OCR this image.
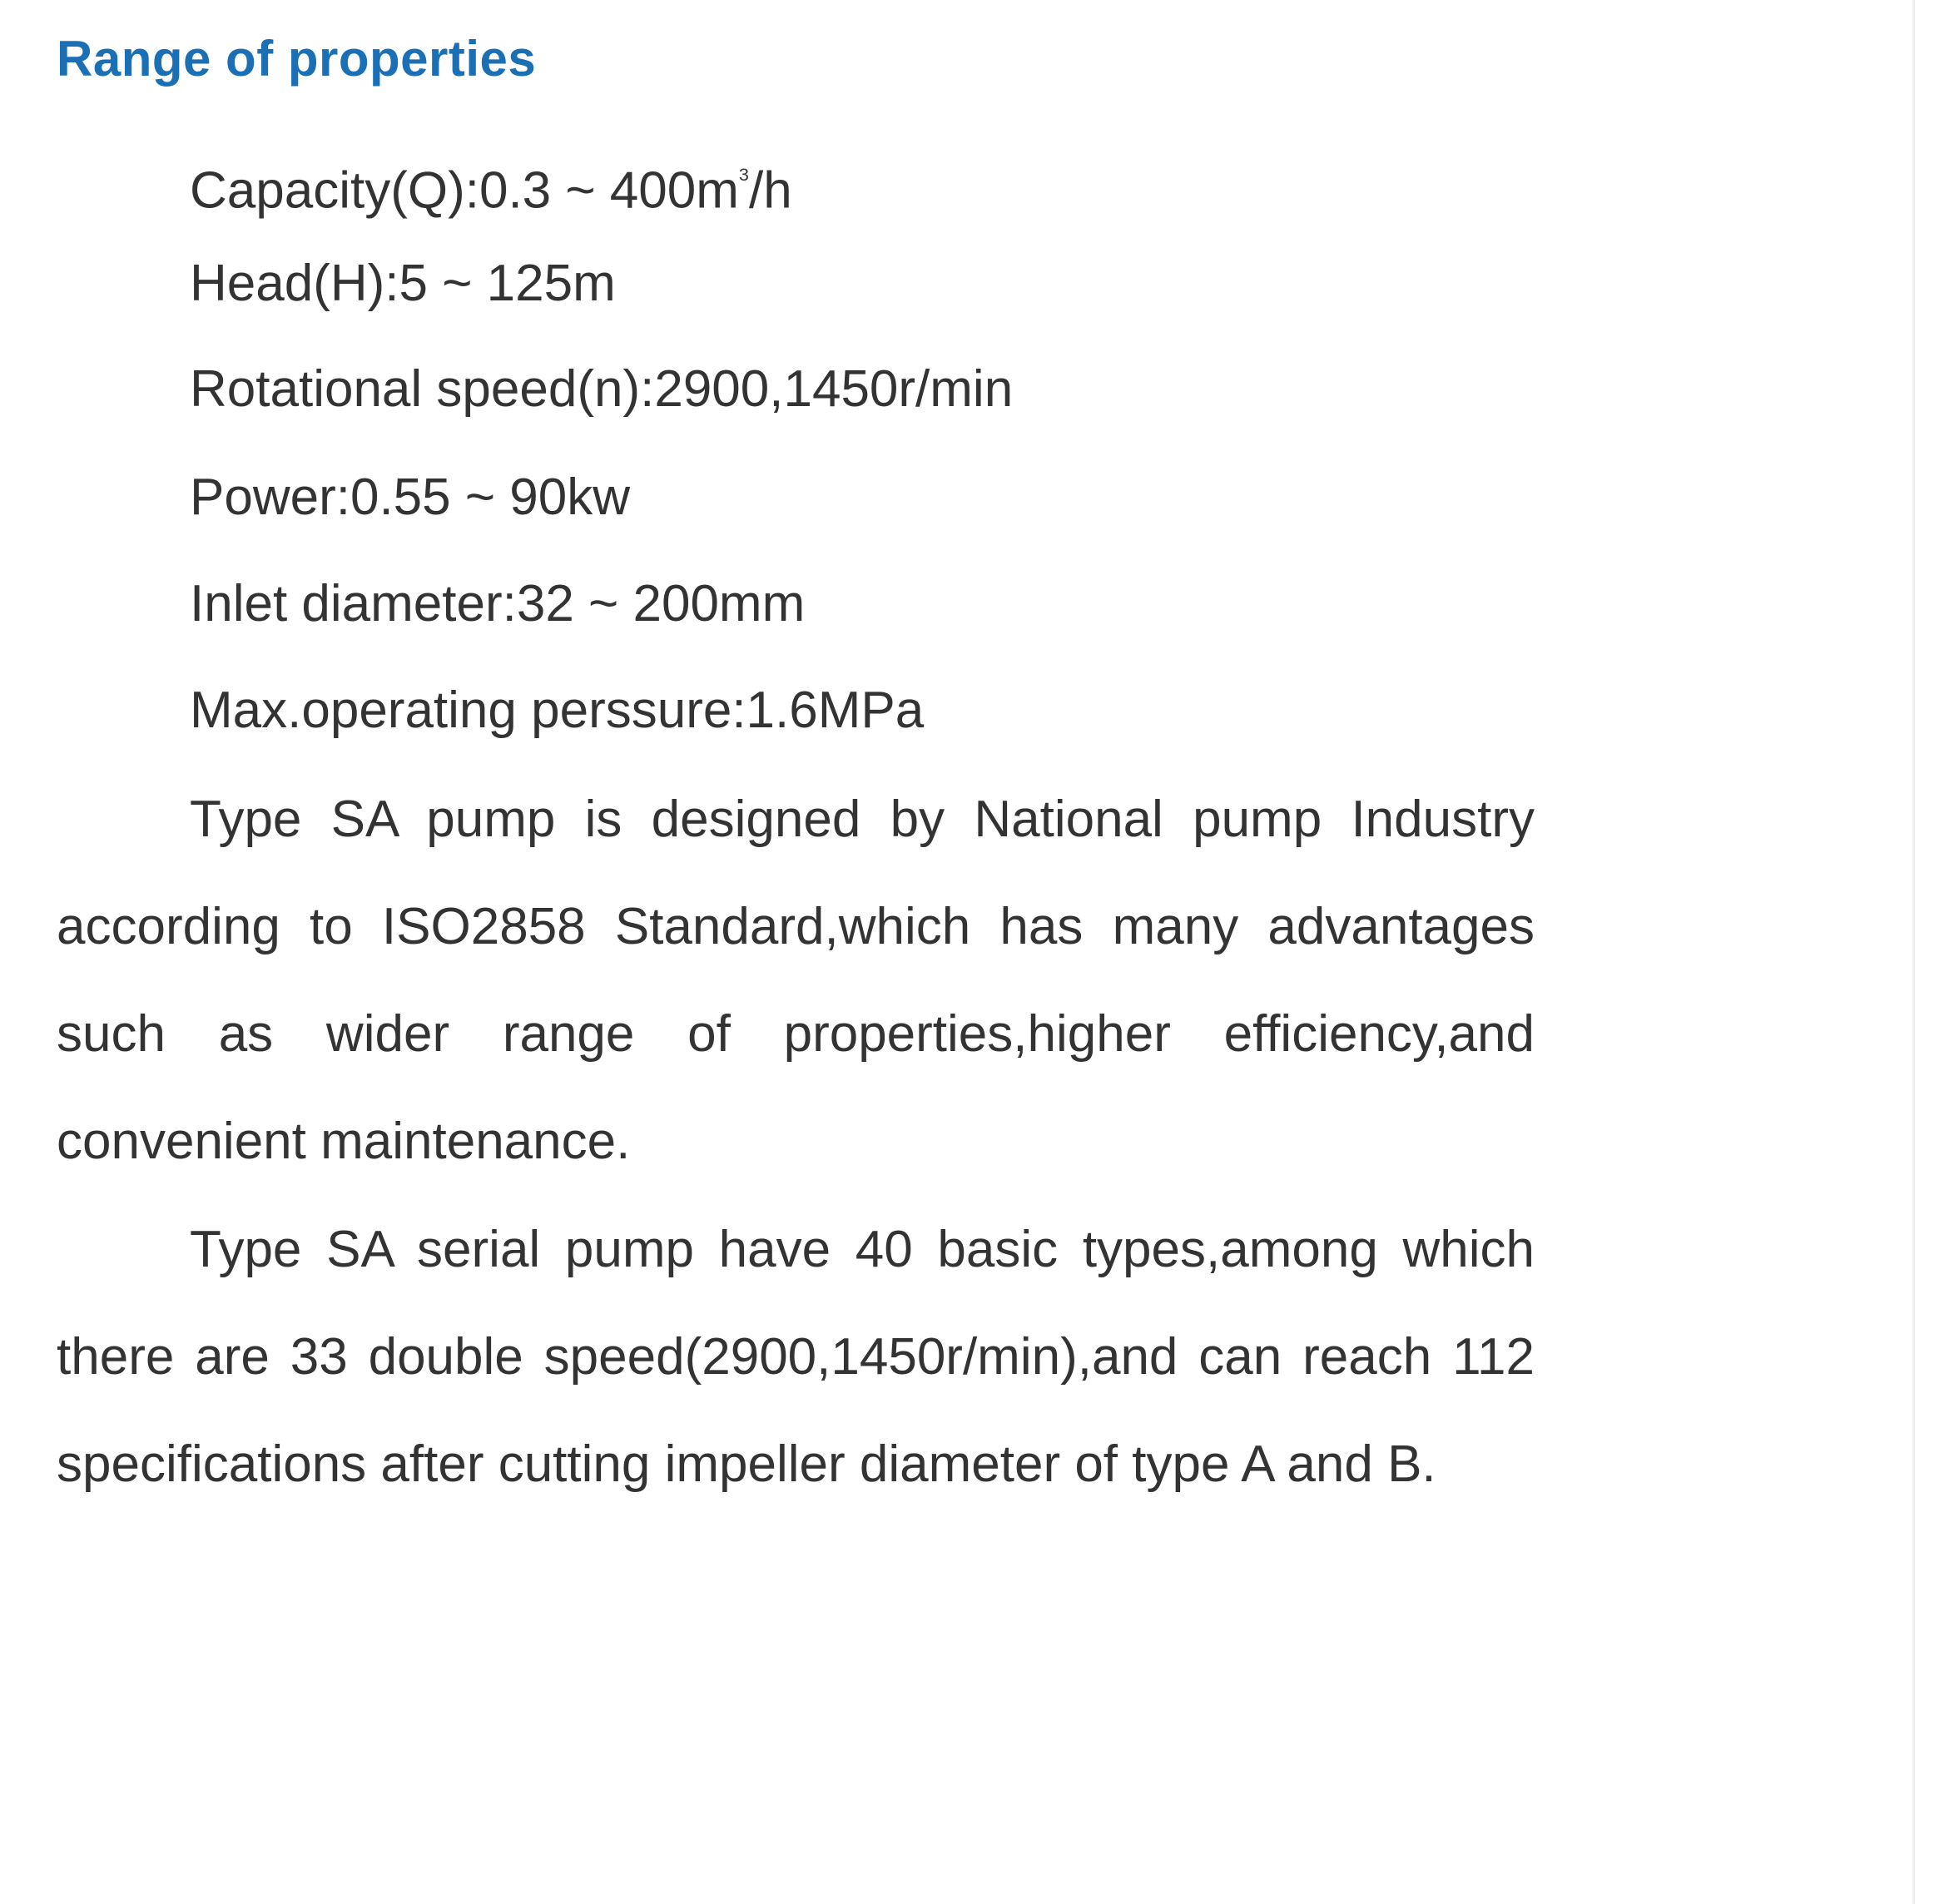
Range of properties

Capacity(Q):0.3 ~ $400m^3/h$

Head(H):5 ~ 125m

Rotational speed(n):2900,1450r/min

Power:0.55 ~ 90kw

Inlet diameter:32 ~ 200mm

Max.operating perssure:1.6MPa

Type SA pump is designed by National pump Industry according to ISO2858 Standard,which has many advantages such as wider range of properties,higher efficiency,and convenient maintenance.

Type SA serial pump have 40 basic types,among which there are 33 double speed(2900,1450r/min),and can reach 112 specifications after cutting impeller diameter of type A and B.
